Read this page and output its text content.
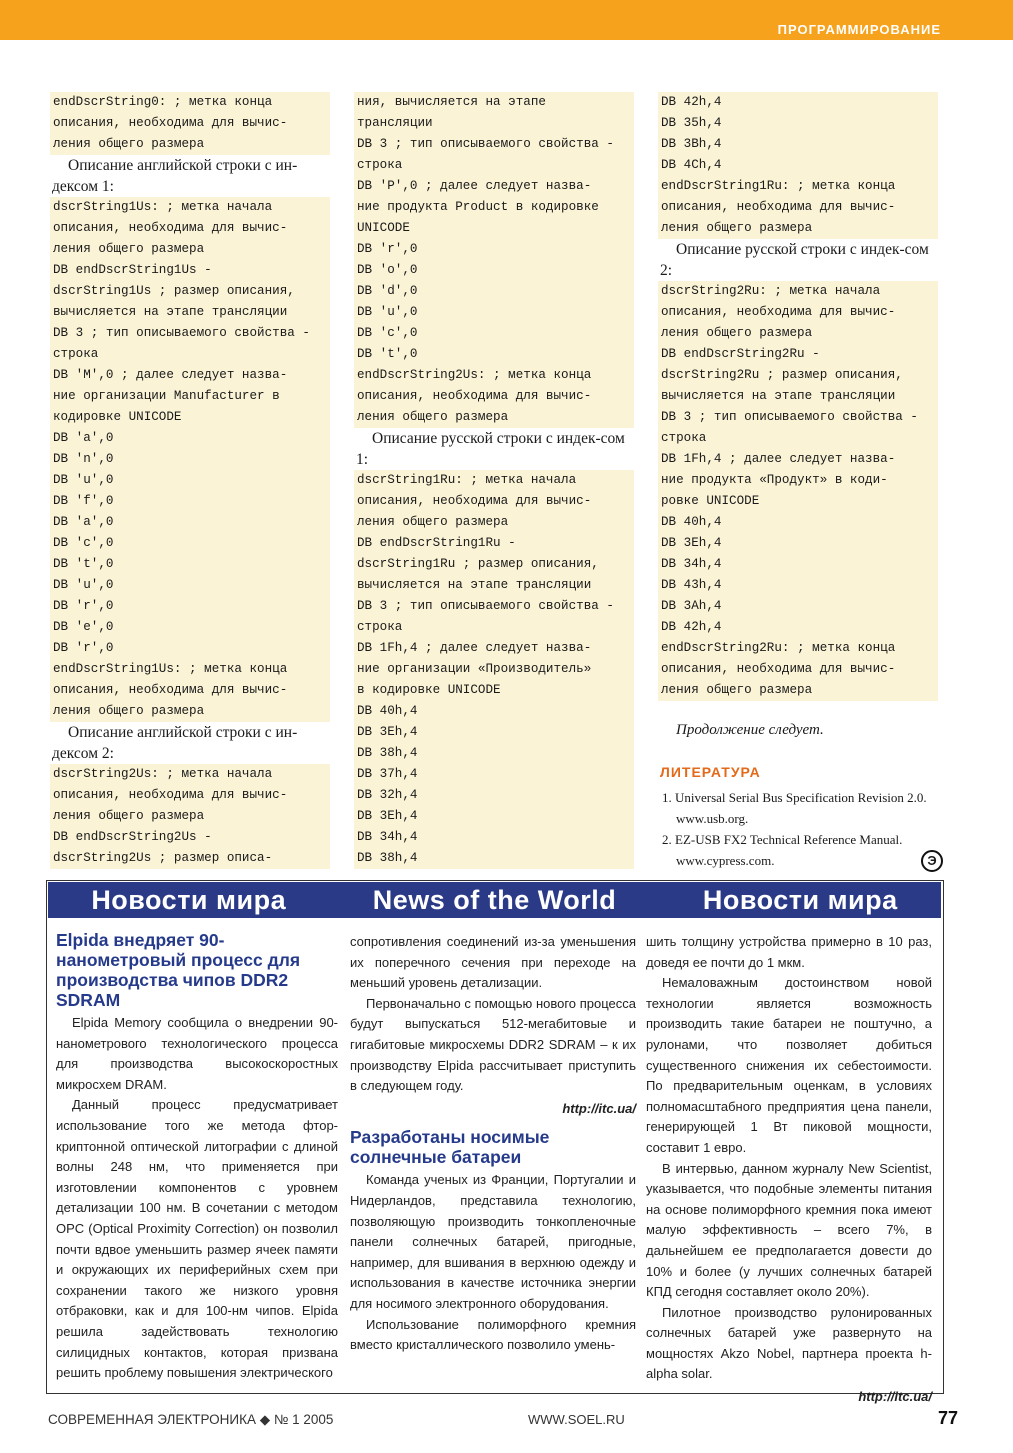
ПРОГРАММИРОВАНИЕ
endDscrString0: ; метка конца
описания, необходима для вычис-
ления общего размера
Описание английской строки с ин-дексом 1:
dscrString1Us: ; метка начала
описания, необходима для вычис-
ления общего размера
DB endDscrString1Us -
dscrString1Us ; размер описания,
вычисляется на этапе трансляции
DB 3 ; тип описываемого свойства -
строка
DB 'M',0 ; далее следует назва-
ние организации Manufacturer в
кодировке UNICODE
DB 'a',0
DB 'n',0
DB 'u',0
DB 'f',0
DB 'a',0
DB 'c',0
DB 't',0
DB 'u',0
DB 'r',0
DB 'e',0
DB 'r',0
endDscrString1Us: ; метка конца
описания, необходима для вычис-
ления общего размера
Описание английской строки с ин-дексом 2:
dscrString2Us: ; метка начала
описания, необходима для вычис-
ления общего размера
DB endDscrString2Us -
dscrString2Us ; размер описа-
ния, вычисляется на этапе
трансляции
DB 3 ; тип описываемого свойства -
строка
DB 'P',0 ; далее следует назва-
ние продукта Product в кодировке
UNICODE
DB 'r',0
DB 'o',0
DB 'd',0
DB 'u',0
DB 'c',0
DB 't',0
endDscrString2Us: ; метка конца
описания, необходима для вычис-
ления общего размера
Описание русской строки с индек-сом 1:
dscrString1Ru: ; метка начала
описания, необходима для вычис-
ления общего размера
DB endDscrString1Ru -
dscrString1Ru ; размер описания,
вычисляется на этапе трансляции
DB 3 ; тип описываемого свойства -
строка
DB 1Fh,4 ; далее следует назва-
ние организации «Производитель»
в кодировке UNICODE
DB 40h,4
DB 3Eh,4
DB 38h,4
DB 37h,4
DB 32h,4
DB 3Eh,4
DB 34h,4
DB 38h,4
DB 42h,4
DB 35h,4
DB 3Bh,4
DB 4Ch,4
endDscrString1Ru: ; метка конца
описания, необходима для вычис-
ления общего размера
Описание русской строки с индек-сом 2:
dscrString2Ru: ; метка начала
описания, необходима для вычис-
ления общего размера
DB endDscrString2Ru -
dscrString2Ru ; размер описания,
вычисляется на этапе трансляции
DB 3 ; тип описываемого свойства -
строка
DB 1Fh,4 ; далее следует назва-
ние продукта «Продукт» в коди-
ровке UNICODE
DB 40h,4
DB 3Eh,4
DB 34h,4
DB 43h,4
DB 3Ah,4
DB 42h,4
endDscrString2Ru: ; метка конца
описания, необходима для вычис-
ления общего размера
Продолжение следует.
ЛИТЕРАТУРА
1. Universal Serial Bus Specification Revision 2.0. www.usb.org.
2. EZ-USB FX2 Technical Reference Manual. www.cypress.com.	Э
Новости мира	News of the World	Новости мира
Elpida внедряет 90-нанометровый процесс для производства чипов DDR2 SDRAM

Elpida Memory сообщила о внедрении 90-нанометрового технологического процесса для производства высокоскоростных микросхем DRAM.

Данный процесс предусматривает использование того же метода фтор-криптонной оптической литографии с длиной волны 248 нм, что применяется при изготовлении компонентов с уровнем детализации 100 нм. В сочетании с методом OPC (Optical Proximity Correction) он позволил почти вдвое уменьшить размер ячеек памяти и окружающих их периферийных схем при сохранении такого же низкого уровня отбраковки, как и для 100-нм чипов. Elpida решила задействовать технологию силицидных контактов, которая призвана решить проблему повышения электрического

сопротивления соединений из-за уменьшения их поперечного сечения при переходе на меньший уровень детализации.

Первоначально с помощью нового процесса будут выпускаться 512-мегабитовые и гигабитовые микросхемы DDR2 SDRAM – к их производству Elpida рассчитывает приступить в следующем году.

http://itc.ua/
Разработаны носимые солнечные батареи

Команда ученых из Франции, Португалии и Нидерландов, представила технологию, позволяющую производить тонкопленочные панели солнечных батарей, пригодные, например, для вшивания в верхнюю одежду и использования в качестве источника энергии для носимого электронного оборудования.

Использование полиморфного кремния вместо кристаллического позволило умень-

шить толщину устройства примерно в 10 раз, доведя ее почти до 1 мкм.

Немаловажным достоинством новой технологии является возможность производить такие батареи не поштучно, а рулонами, что позволяет добиться существенного снижения их себестоимости. По предварительным оценкам, в условиях полномасштабного предприятия цена панели, генерирующей 1 Вт пиковой мощности, составит 1 евро.

В интервью, данном журналу New Scientist, указывается, что подобные элементы питания на основе полиморфного кремния пока имеют малую эффективность – всего 7%, в дальнейшем ее предполагается довести до 10% и более (у лучших солнечных батарей КПД сегодня составляет около 20%).

Пилотное производство рулонированных солнечных батарей уже развернуто на мощностях Akzo Nobel, партнера проекта h-alpha solar.

http://itc.ua/
СОВРЕМЕННАЯ ЭЛЕКТРОНИКА ◆ № 1 2005	WWW.SOEL.RU	77
